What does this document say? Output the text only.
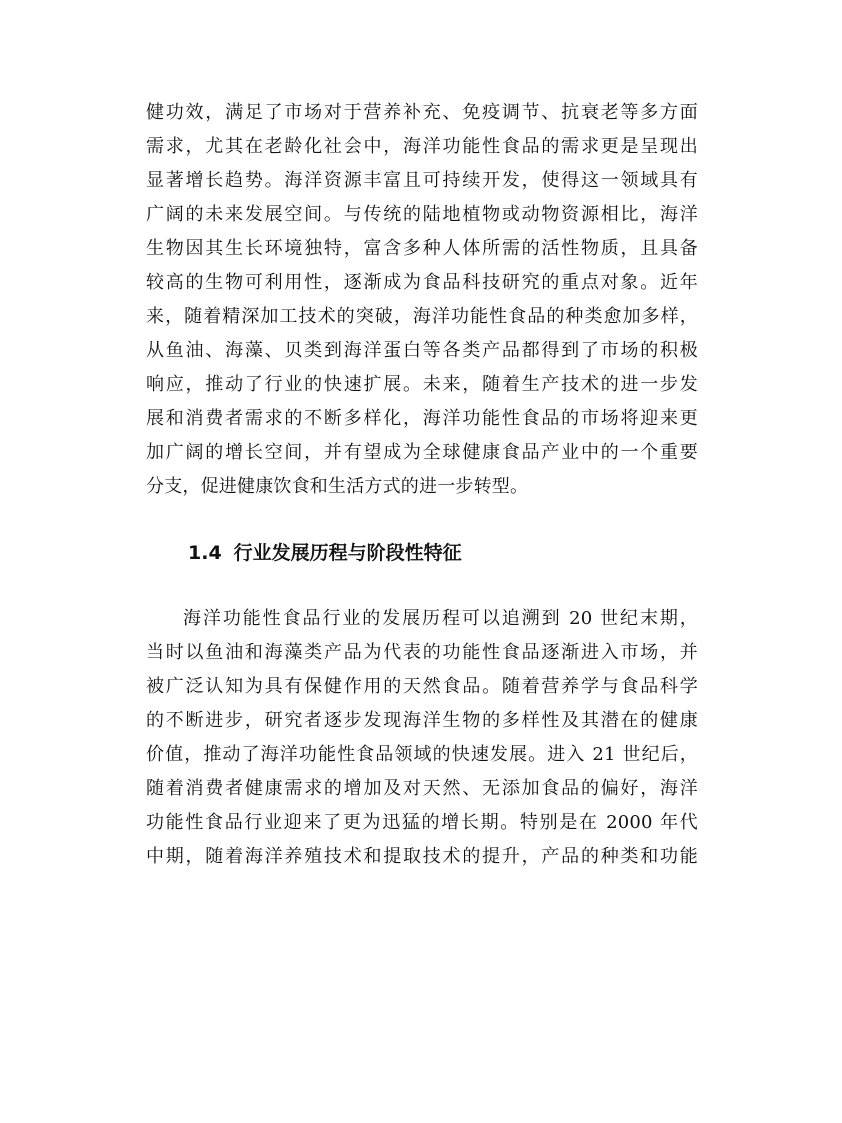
健功效，满足了市场对于营养补充、免疫调节、抗衰老等多方面
需求，尤其在老龄化社会中，海洋功能性食品的需求更是呈现出
显著增长趋势。海洋资源丰富且可持续开发，使得这一领域具有
广阔的未来发展空间。与传统的陆地植物或动物资源相比，海洋
生物因其生长环境独特，富含多种人体所需的活性物质，且具备
较高的生物可利用性，逐渐成为食品科技研究的重点对象。近年
来，随着精深加工技术的突破，海洋功能性食品的种类愈加多样，
从鱼油、海藻、贝类到海洋蛋白等各类产品都得到了市场的积极
响应，推动了行业的快速扩展。未来，随着生产技术的进一步发
展和消费者需求的不断多样化，海洋功能性食品的市场将迎来更
加广阔的增长空间，并有望成为全球健康食品产业中的一个重要
分支，促进健康饮食和生活方式的进一步转型。
1.4 行业发展历程与阶段性特征
海洋功能性食品行业的发展历程可以追溯到 20 世纪末期，
当时以鱼油和海藻类产品为代表的功能性食品逐渐进入市场，并
被广泛认知为具有保健作用的天然食品。随着营养学与食品科学
的不断进步，研究者逐步发现海洋生物的多样性及其潜在的健康
价值，推动了海洋功能性食品领域的快速发展。进入 21 世纪后，
随着消费者健康需求的增加及对天然、无添加食品的偏好，海洋
功能性食品行业迎来了更为迅猛的增长期。特别是在 2000 年代
中期，随着海洋养殖技术和提取技术的提升，产品的种类和功能
